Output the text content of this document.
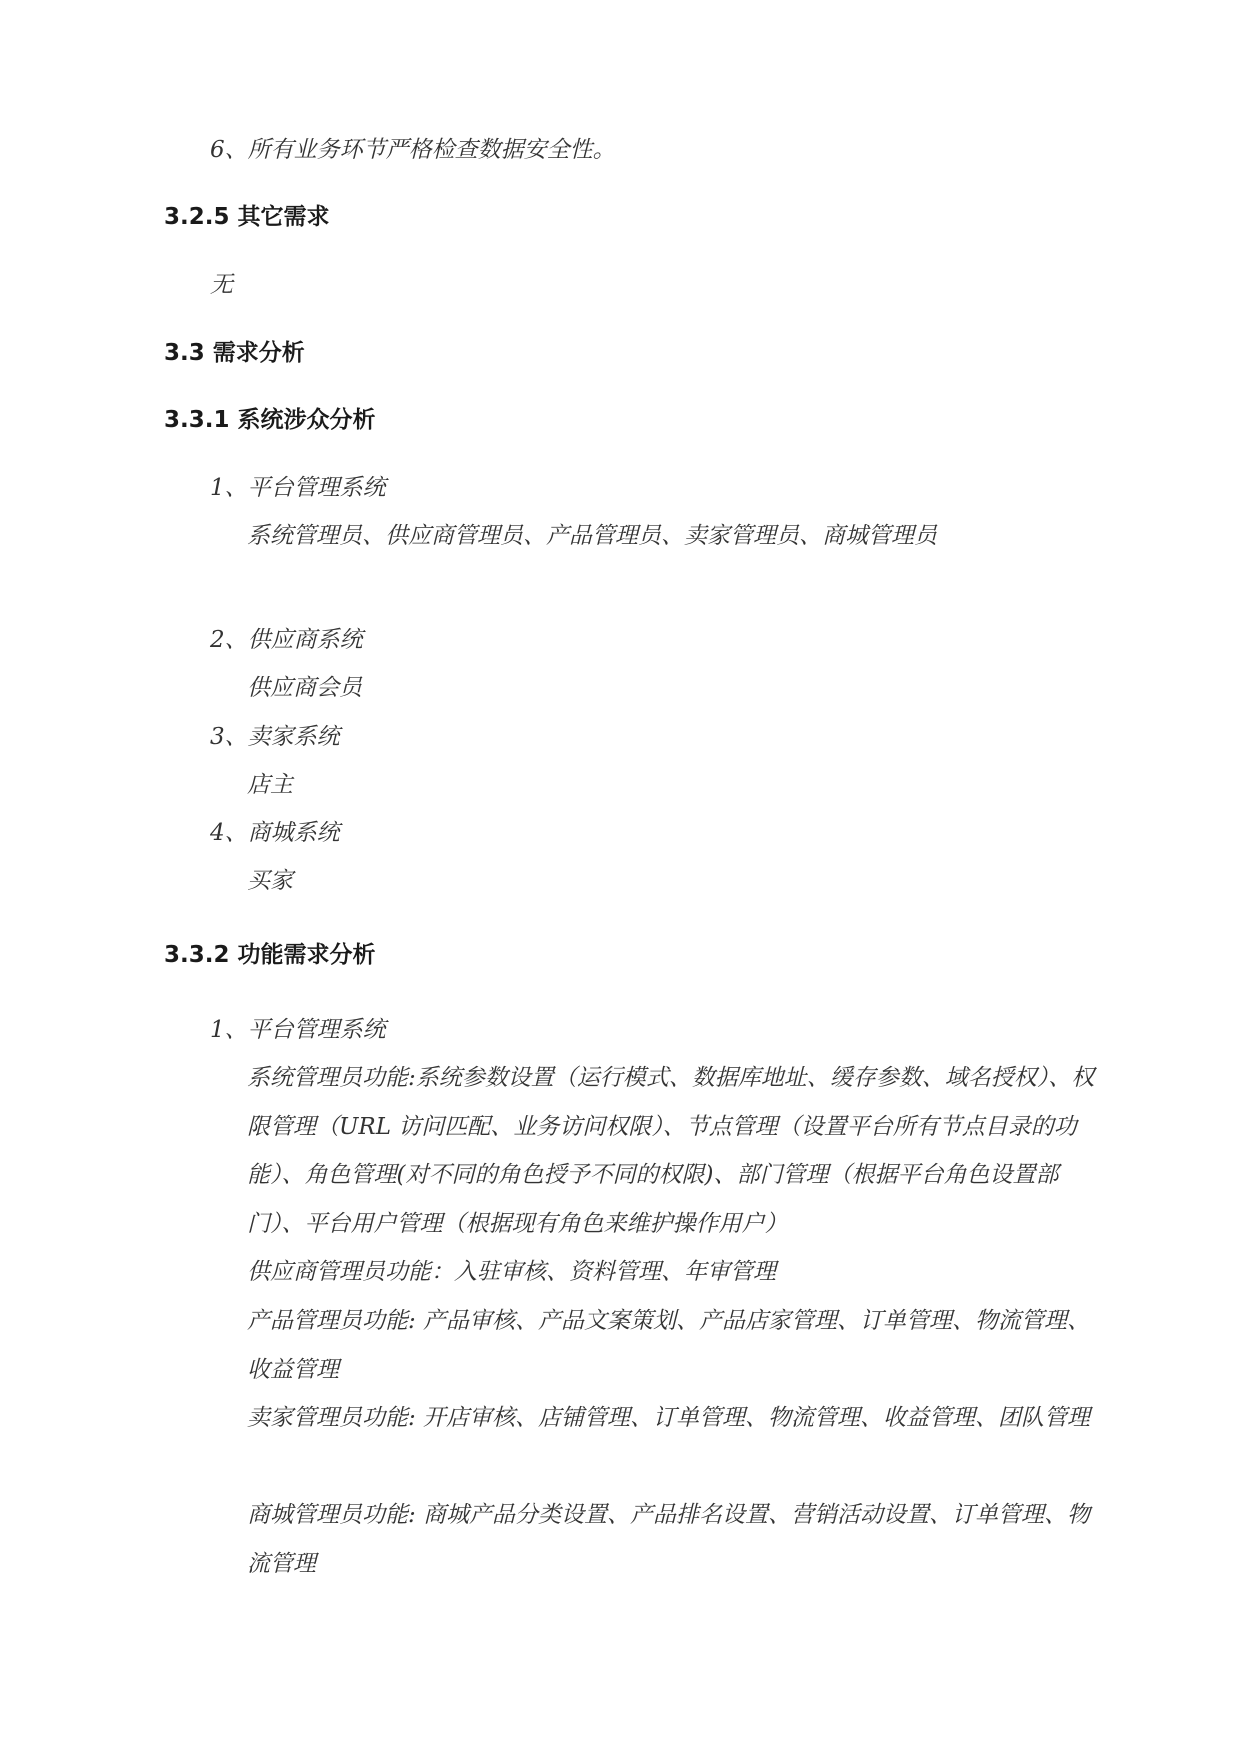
6、所有业务环节严格检查数据安全性。
3.2.5 其它需求
无
3.3 需求分析
3.3.1 系统涉众分析
1、平台管理系统
系统管理员、供应商管理员、产品管理员、卖家管理员、商城管理员
2、供应商系统
供应商会员
3、卖家系统
店主
4、商城系统
买家
3.3.2 功能需求分析
1、平台管理系统
系统管理员功能:系统参数设置（运行模式、数据库地址、缓存参数、域名授权）、权限管理（URL 访问匹配、业务访问权限）、节点管理（设置平台所有节点目录的功能）、角色管理(对不同的角色授予不同的权限)、部门管理（根据平台角色设置部门）、平台用户管理（根据现有角色来维护操作用户）
供应商管理员功能：入驻审核、资料管理、年审管理
产品管理员功能: 产品审核、产品文案策划、产品店家管理、订单管理、物流管理、收益管理
卖家管理员功能: 开店审核、店铺管理、订单管理、物流管理、收益管理、团队管理
商城管理员功能: 商城产品分类设置、产品排名设置、营销活动设置、订单管理、物流管理
